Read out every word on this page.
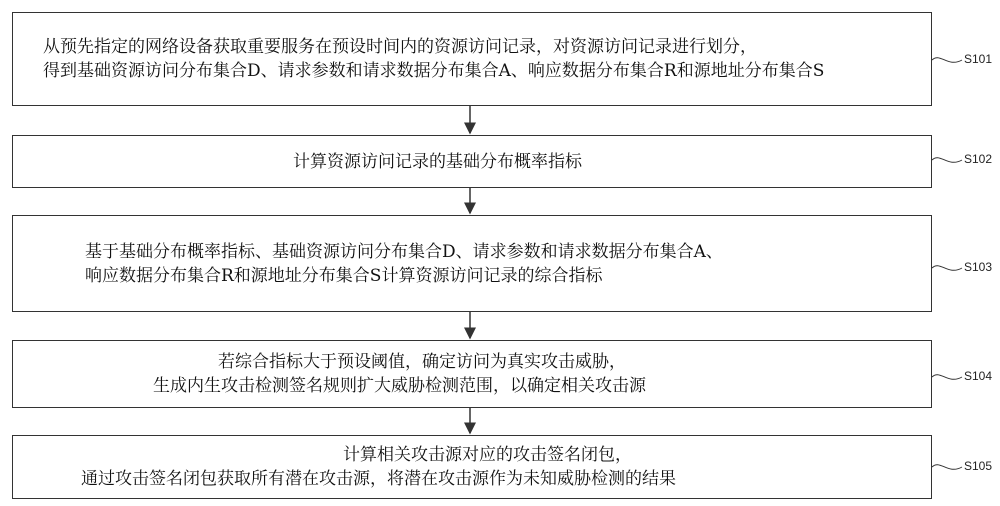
从预先指定的网络设备获取重要服务在预设时间内的资源访问记录，对资源访问记录进行划分，
得到基础资源访问分布集合D、请求参数和请求数据分布集合A、响应数据分布集合R和源地址分布集合S
计算资源访问记录的基础分布概率指标
基于基础分布概率指标、基础资源访问分布集合D、请求参数和请求数据分布集合A、
响应数据分布集合R和源地址分布集合S计算资源访问记录的综合指标
若综合指标大于预设阈值，确定访问为真实攻击威胁，
生成内生攻击检测签名规则扩大威胁检测范围，以确定相关攻击源
计算相关攻击源对应的攻击签名闭包，
通过攻击签名闭包获取所有潜在攻击源，将潜在攻击源作为未知威胁检测的结果
S101
S102
S103
S104
S105
